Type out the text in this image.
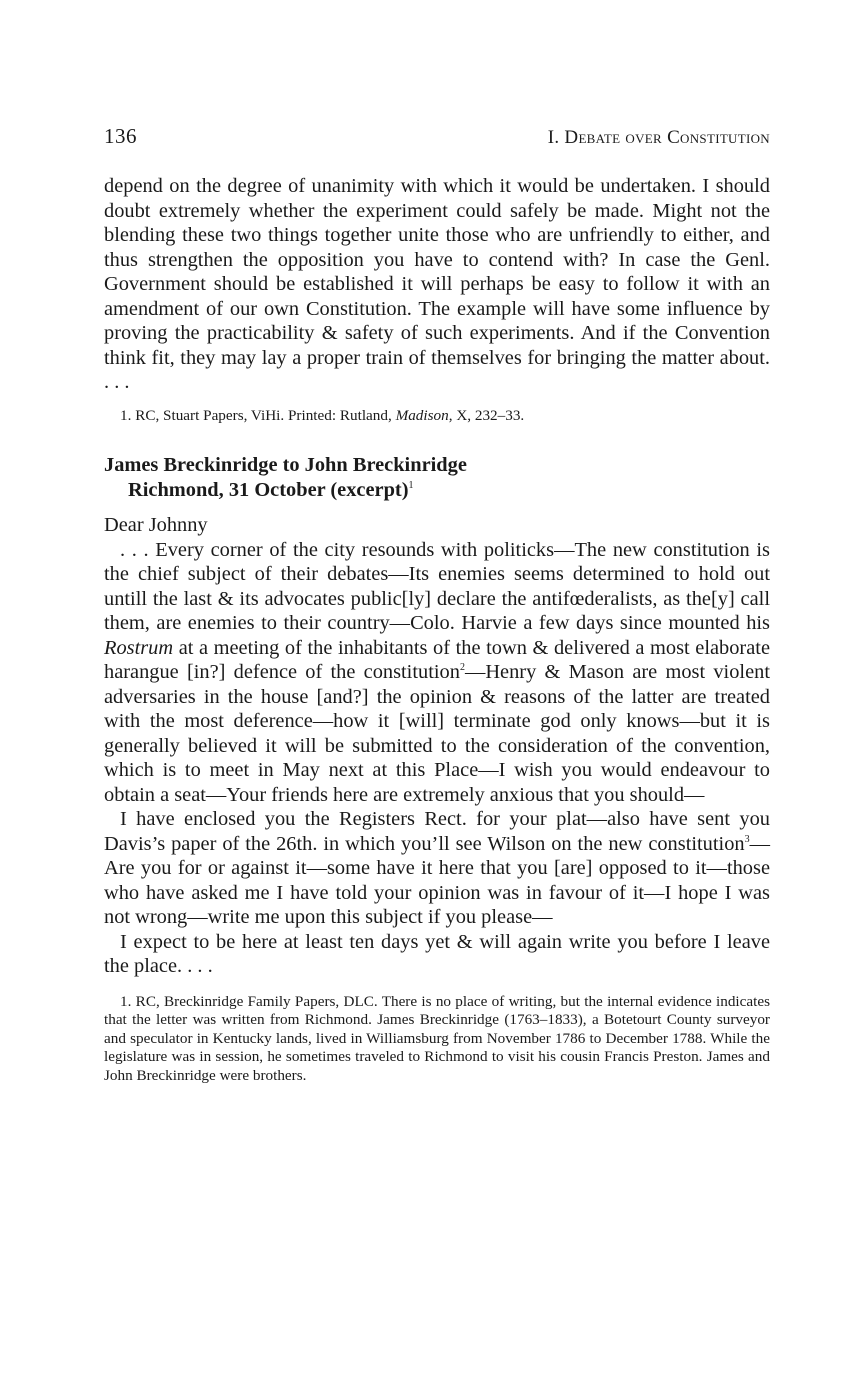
136	I. Debate over Constitution

depend on the degree of unanimity with which it would be undertaken. I should doubt extremely whether the experiment could safely be made. Might not the blending these two things together unite those who are unfriendly to either, and thus strengthen the opposition you have to contend with? In case the Genl. Government should be established it will perhaps be easy to follow it with an amendment of our own Constitution. The example will have some influence by proving the practicability & safety of such experiments. And if the Convention think fit, they may lay a proper train of themselves for bringing the matter about. . . .

1. RC, Stuart Papers, ViHi. Printed: Rutland, Madison, X, 232–33.

James Breckinridge to John Breckinridge
Richmond, 31 October (excerpt)$^1$

Dear Johnny

. . . Every corner of the city resounds with politicks—The new constitution is the chief subject of their debates—Its enemies seems determined to hold out untill the last & its advocates public[ly] declare the antifœderalists, as the[y] call them, are enemies to their country—Colo. Harvie a few days since mounted his Rostrum at a meeting of the inhabitants of the town & delivered a most elaborate harangue [in?] defence of the constitution$^2$—Henry & Mason are most violent adversaries in the house [and?] the opinion & reasons of the latter are treated with the most deference—how it [will] terminate god only knows—but it is generally believed it will be submitted to the consideration of the convention, which is to meet in May next at this Place—I wish you would endeavour to obtain a seat—Your friends here are extremely anxious that you should—

I have enclosed you the Registers Rect. for your plat—also have sent you Davis’s paper of the 26th. in which you’ll see Wilson on the new constitution$^3$—Are you for or against it—some have it here that you [are] opposed to it—those who have asked me I have told your opinion was in favour of it—I hope I was not wrong—write me upon this subject if you please—

I expect to be here at least ten days yet & will again write you before I leave the place. . . .

1. RC, Breckinridge Family Papers, DLC. There is no place of writing, but the internal evidence indicates that the letter was written from Richmond. James Breckinridge (1763–1833), a Botetourt County surveyor and speculator in Kentucky lands, lived in Williamsburg from November 1786 to December 1788. While the legislature was in session, he sometimes traveled to Richmond to visit his cousin Francis Preston. James and John Breckinridge were brothers.
